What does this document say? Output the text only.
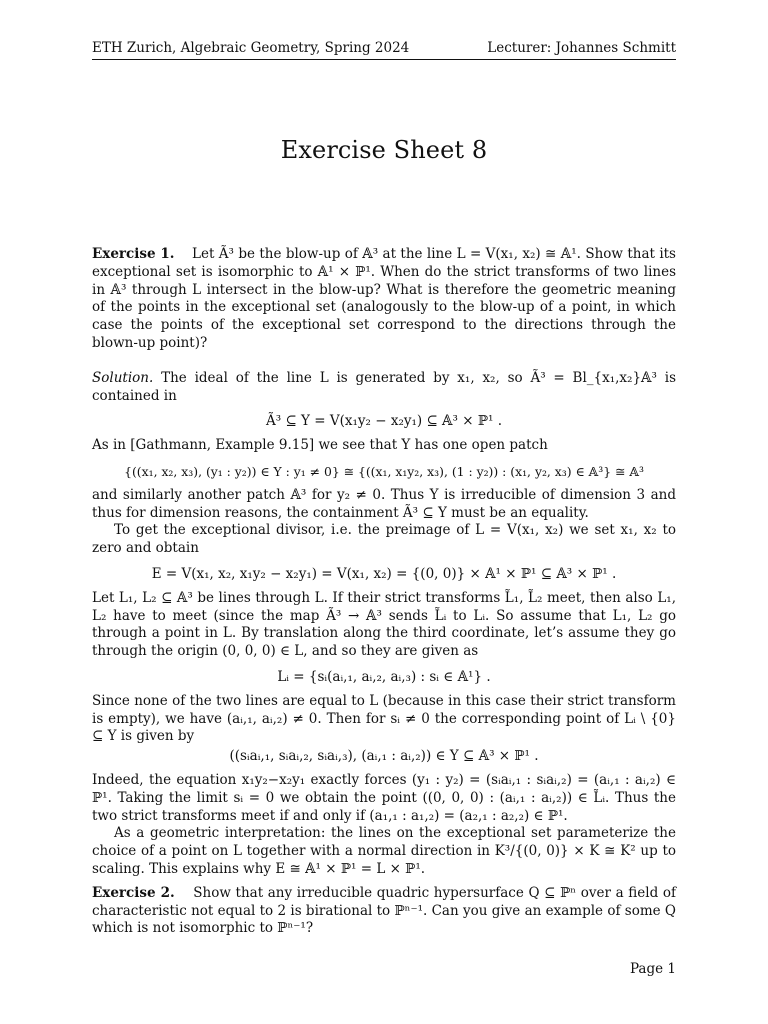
ETH Zurich, Algebraic Geometry, Spring 2024	Lecturer: Johannes Schmitt
Exercise Sheet 8

Exercise 1. Let Ã³ be the blow-up of 𝔸³ at the line L = V(x₁, x₂) ≅ 𝔸¹. Show that its exceptional set is isomorphic to 𝔸¹ × ℙ¹. When do the strict transforms of two lines in 𝔸³ through L intersect in the blow-up? What is therefore the geometric meaning of the points in the exceptional set (analogously to the blow-up of a point, in which case the points of the exceptional set correspond to the directions through the blown-up point)?

Solution. The ideal of the line L is generated by x₁, x₂, so Ã³ = Bl_{x₁,x₂}𝔸³ is contained in

Ã³ ⊆ Y = V(x₁y₂ − x₂y₁) ⊆ 𝔸³ × ℙ¹ .

As in [Gathmann, Example 9.15] we see that Y has one open patch

{((x₁, x₂, x₃), (y₁ : y₂)) ∈ Y : y₁ ≠ 0} ≅ {((x₁, x₁y₂, x₃), (1 : y₂)) : (x₁, y₂, x₃) ∈ 𝔸³} ≅ 𝔸³

and similarly another patch 𝔸³ for y₂ ≠ 0. Thus Y is irreducible of dimension 3 and thus for dimension reasons, the containment Ã³ ⊆ Y must be an equality.

To get the exceptional divisor, i.e. the preimage of L = V(x₁, x₂) we set x₁, x₂ to zero and obtain

E = V(x₁, x₂, x₁y₂ − x₂y₁) = V(x₁, x₂) = {(0, 0)} × 𝔸¹ × ℙ¹ ⊆ 𝔸³ × ℙ¹ .

Let L₁, L₂ ⊆ 𝔸³ be lines through L. If their strict transforms L̃₁, L̃₂ meet, then also L₁, L₂ have to meet (since the map Ã³ → 𝔸³ sends L̃ᵢ to Lᵢ. So assume that L₁, L₂ go through a point in L. By translation along the third coordinate, let’s assume they go through the origin (0, 0, 0) ∈ L, and so they are given as

Lᵢ = {sᵢ(aᵢ,₁, aᵢ,₂, aᵢ,₃) : sᵢ ∈ 𝔸¹} .

Since none of the two lines are equal to L (because in this case their strict transform is empty), we have (aᵢ,₁, aᵢ,₂) ≠ 0. Then for sᵢ ≠ 0 the corresponding point of Lᵢ \ {0} ⊆ Y is given by

((sᵢaᵢ,₁, sᵢaᵢ,₂, sᵢaᵢ,₃), (aᵢ,₁ : aᵢ,₂)) ∈ Y ⊆ 𝔸³ × ℙ¹ .

Indeed, the equation x₁y₂−x₂y₁ exactly forces (y₁ : y₂) = (sᵢaᵢ,₁ : sᵢaᵢ,₂) = (aᵢ,₁ : aᵢ,₂) ∈ ℙ¹. Taking the limit sᵢ = 0 we obtain the point ((0, 0, 0) : (aᵢ,₁ : aᵢ,₂)) ∈ L̃ᵢ. Thus the two strict transforms meet if and only if (a₁,₁ : a₁,₂) = (a₂,₁ : a₂,₂) ∈ ℙ¹.

As a geometric interpretation: the lines on the exceptional set parameterize the choice of a point on L together with a normal direction in K³/{(0, 0)} × K ≅ K² up to scaling. This explains why E ≅ 𝔸¹ × ℙ¹ = L × ℙ¹.

Exercise 2. Show that any irreducible quadric hypersurface Q ⊆ ℙⁿ over a field of characteristic not equal to 2 is birational to ℙⁿ⁻¹. Can you give an example of some Q which is not isomorphic to ℙⁿ⁻¹?

Page 1
